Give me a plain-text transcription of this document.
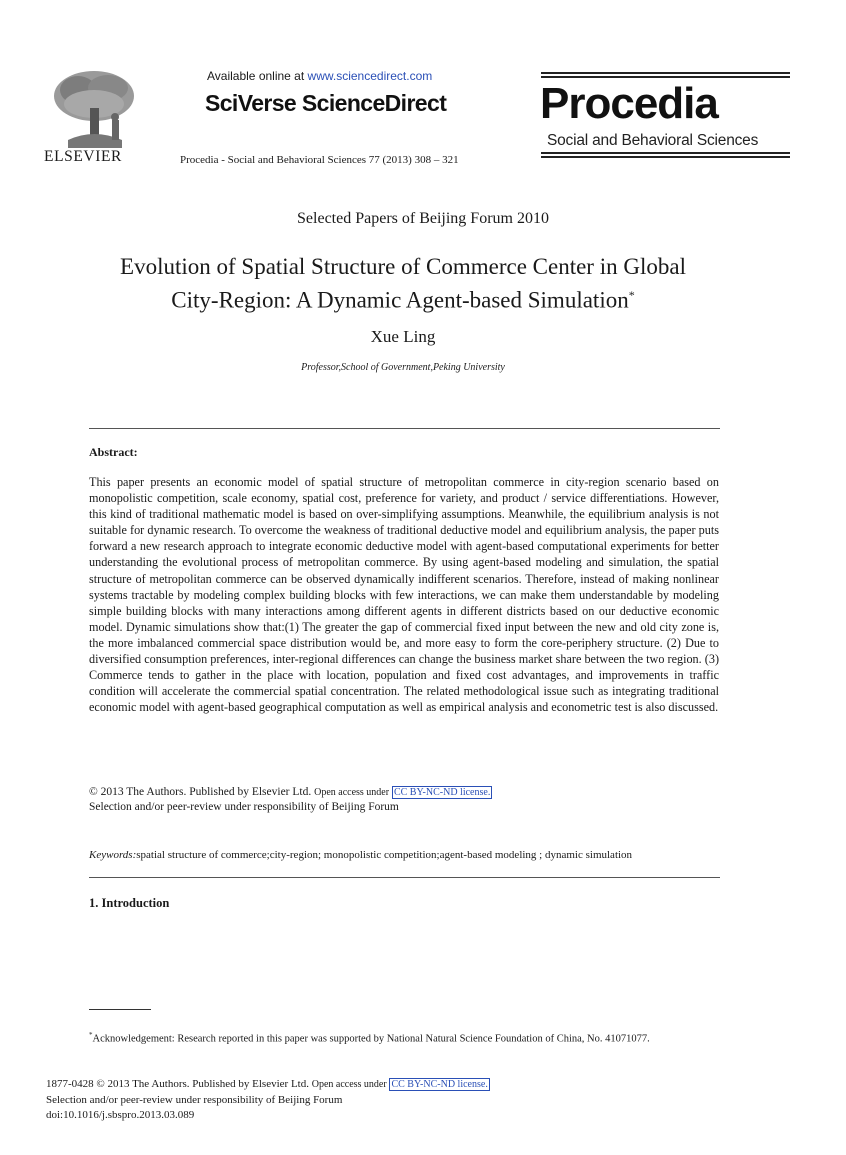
ELSEVIER
Available online at www.sciencedirect.com
SciVerse ScienceDirect
Procedia - Social and Behavioral Sciences 77 (2013) 308 – 321
Procedia
Social and Behavioral Sciences
Selected Papers of Beijing Forum 2010
Evolution of Spatial Structure of Commerce Center in Global
City-Region: A Dynamic Agent-based Simulation*
Xue Ling
Professor,School of Government,Peking University
Abstract:
This paper presents an economic model of spatial structure of metropolitan commerce in city-region scenario based on monopolistic competition, scale economy, spatial cost, preference for variety, and product / service differentiations. However, this kind of traditional mathematic model is based on over-simplifying assumptions. Meanwhile, the equilibrium analysis is not suitable for dynamic research. To overcome the weakness of traditional deductive model and equilibrium analysis, the paper puts forward a new research approach to integrate economic deductive model with agent-based computational experiments for better understanding the evolutional process of metropolitan commerce. By using agent-based modeling and simulation, the spatial structure of metropolitan commerce can be observed dynamically indifferent scenarios. Therefore, instead of making nonlinear systems tractable by modeling complex building blocks with few interactions, we can make them understandable by modeling simple building blocks with many interactions among different agents in different districts based on our deductive economic model. Dynamic simulations show that:(1) The greater the gap of commercial fixed input between the new and old city zone is, the more imbalanced commercial space distribution would be, and more easy to form the core-periphery structure. (2) Due to diversified consumption preferences, inter-regional differences can change the business market share between the two region. (3) Commerce tends to gather in the place with location, population and fixed cost advantages, and improvements in traffic condition will accelerate the commercial spatial concentration. The related methodological issue such as integrating traditional economic model with agent-based geographical computation as well as empirical analysis and econometric test is also discussed.
© 2013 The Authors. Published by Elsevier Ltd. Open access under CC BY-NC-ND license.
Selection and/or peer-review under responsibility of Beijing Forum
Keywords:spatial structure of commerce;city-region; monopolistic competition;agent-based modeling ; dynamic simulation
1. Introduction
*Acknowledgement: Research reported in this paper was supported by National Natural Science Foundation of China, No. 41071077.
1877-0428 © 2013 The Authors. Published by Elsevier Ltd. Open access under CC BY-NC-ND license.
Selection and/or peer-review under responsibility of Beijing Forum
doi:10.1016/j.sbspro.2013.03.089
